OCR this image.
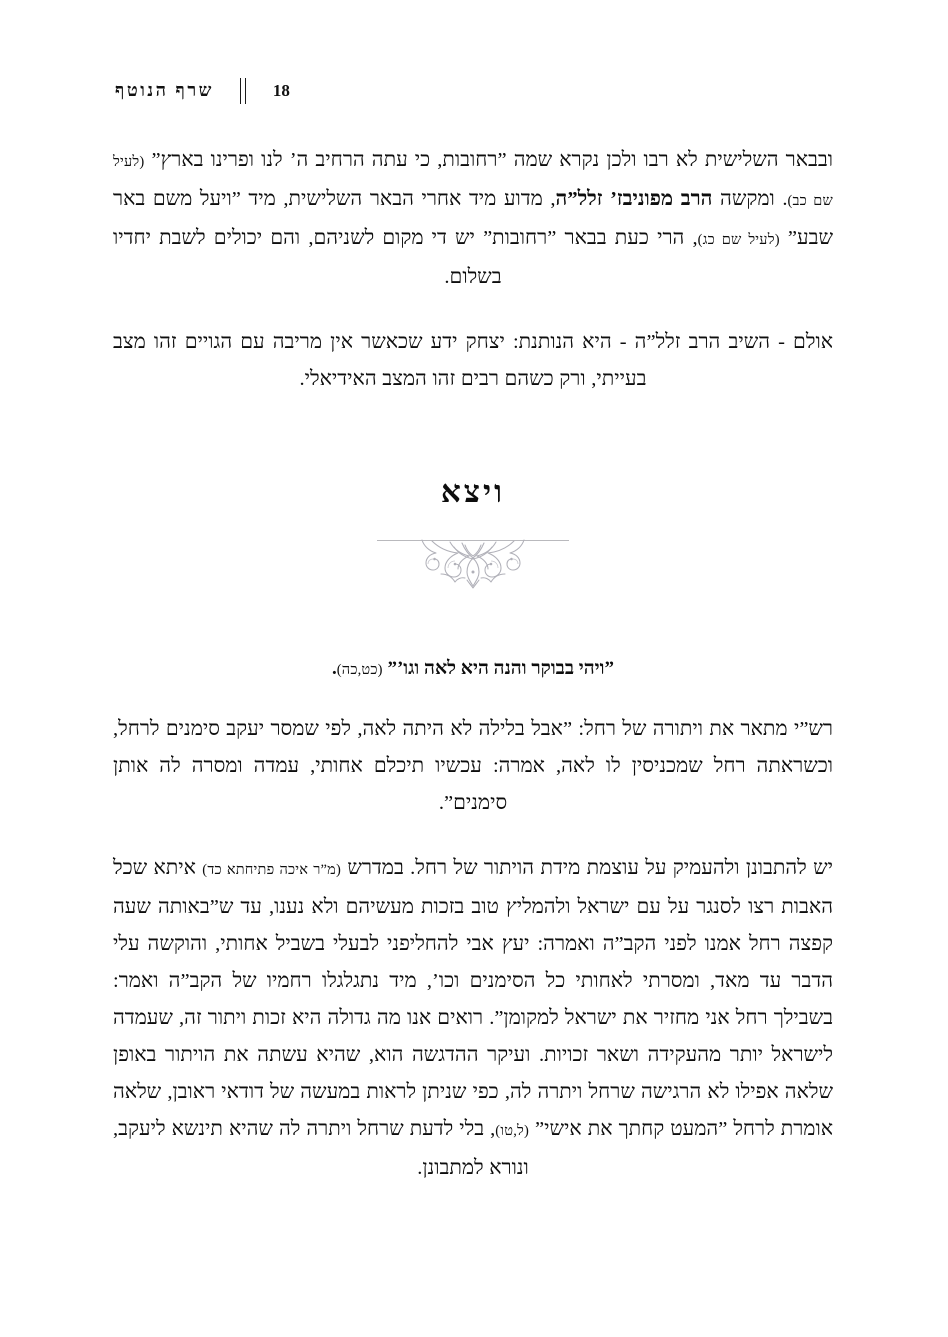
שרף הנוטף	18

ובבאר השלישית לא רבו ולכן נקרא שמה ”רחובות, כי עתה הרחיב ה’ לנו ופרינו בארץ” (לעיל שם כב). ומקשה הרב מפוניבז’ זלל”ה, מדוע מיד אחרי הבאר השלישית, מיד ”ויעל משם באר שבע” (לעיל שם כג), הרי כעת בבאר ”רחובות” יש די מקום לשניהם, והם יכולים לשבת יחדיו בשלום.

אולם - השיב הרב זלל”ה - היא הנותנת: יצחק ידע שכאשר אין מריבה עם הגויים זהו מצב בעייתי, ורק כשהם רבים זהו המצב האידיאלי.

ויצא
”ויהי בבוקר והנה היא לאה וגו’” (כט,כה).

רש”י מתאר את ויתורה של רחל: ”אבל בלילה לא היתה לאה, לפי שמסר יעקב סימנים לרחל, וכשראתה רחל שמכניסין לו לאה, אמרה: עכשיו תיכלם אחותי, עמדה ומסרה לה אותן סימנים”.

יש להתבונן ולהעמיק על עוצמת מידת הויתור של רחל. במדרש (מ”ר איכה פתיחתא כד) איתא שכל האבות רצו לסנגר על עם ישראל ולהמליץ טוב בזכות מעשיהם ולא נענו, עד ש”באותה שעה קפצה רחל אמנו לפני הקב”ה ואמרה: יעץ אבי להחליפני לבעלי בשביל אחותי, והוקשה עלי הדבר עד מאד, ומסרתי לאחותי כל הסימנים וכו’, מיד נתגלגלו רחמיו של הקב”ה ואמר: בשבילך רחל אני מחזיר את ישראל למקומן”. רואים אנו מה גדולה היא זכות ויתור זה, שעמדה לישראל יותר מהעקידה ושאר זכויות. ועיקר ההדגשה הוא, שהיא עשתה את הויתור באופן שלאה אפילו לא הרגישה שרחל ויתרה לה, כפי שניתן לראות במעשה של דודאי ראובן, שלאה אומרת לרחל ”המעט קחתך את אישי” (ל,טו), בלי לדעת שרחל ויתרה לה שהיא תינשא ליעקב, ונורא למתבונן.
